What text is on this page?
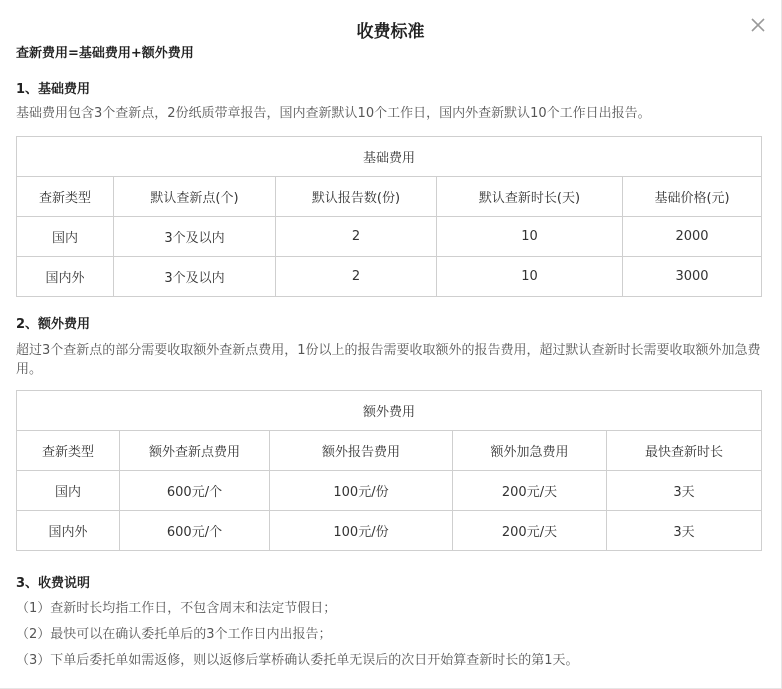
收费标准
查新费用=基础费用+额外费用
1、基础费用
基础费用包含3个查新点，2份纸质带章报告，国内查新默认10个工作日，国内外查新默认10个工作日出报告。
基础费用				
查新类型	默认查新点(个)	默认报告数(份)	默认查新时长(天)	基础价格(元)
国内	3个及以内	2	10	2000
国内外	3个及以内	2	10	3000
2、额外费用
超过3个查新点的部分需要收取额外查新点费用，1份以上的报告需要收取额外的报告费用，超过默认查新时长需要收取额外加急费用。
额外费用				
查新类型	额外查新点费用	额外报告费用	额外加急费用	最快查新时长
国内	600元/个	100元/份	200元/天	3天
国内外	600元/个	100元/份	200元/天	3天
3、收费说明
（1）查新时长均指工作日，不包含周末和法定节假日；
（2）最快可以在确认委托单后的3个工作日内出报告；
（3）下单后委托单如需返修，则以返修后掌桥确认委托单无误后的次日开始算查新时长的第1天。
